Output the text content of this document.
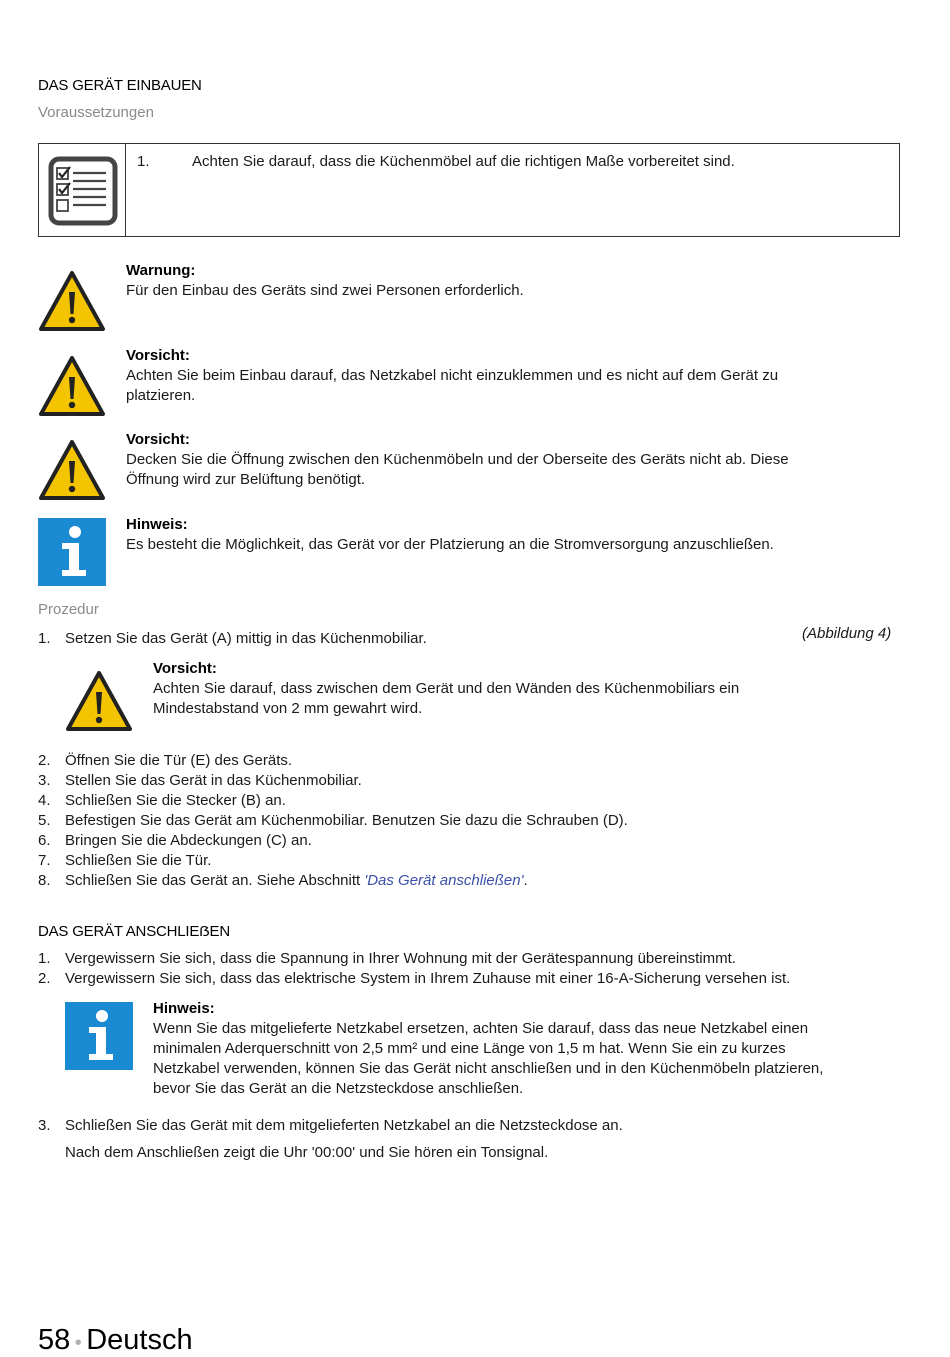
DAS GERÄT EINBAUEN
Voraussetzungen
1.	Achten Sie darauf, dass die Küchenmöbel auf die richtigen Maße vorbereitet sind.
Warnung:
Für den Einbau des Geräts sind zwei Personen erforderlich.
Vorsicht:
Achten Sie beim Einbau darauf, das Netzkabel nicht einzuklemmen und es nicht auf dem Gerät zu
platzieren.
Vorsicht:
Decken Sie die Öffnung zwischen den Küchenmöbeln und der Oberseite des Geräts nicht ab. Diese
Öffnung wird zur Belüftung benötigt.
Hinweis:
Es besteht die Möglichkeit, das Gerät vor der Platzierung an die Stromversorgung anzuschließen.
Prozedur
(Abbildung 4)
1. Setzen Sie das Gerät (A) mittig in das Küchenmobiliar.
Vorsicht:
Achten Sie darauf, dass zwischen dem Gerät und den Wänden des Küchenmobiliars ein
Mindestabstand von 2 mm gewahrt wird.
2. Öffnen Sie die Tür (E) des Geräts.
3. Stellen Sie das Gerät in das Küchenmobiliar.
4. Schließen Sie die Stecker (B) an.
5. Befestigen Sie das Gerät am Küchenmobiliar. Benutzen Sie dazu die Schrauben (D).
6. Bringen Sie die Abdeckungen (C) an.
7. Schließen Sie die Tür.
8. Schließen Sie das Gerät an. Siehe Abschnitt 'Das Gerät anschließen'.
DAS GERÄT ANSCHLIEẞEN
1. Vergewissern Sie sich, dass die Spannung in Ihrer Wohnung mit der Gerätespannung übereinstimmt.
2. Vergewissern Sie sich, dass das elektrische System in Ihrem Zuhause mit einer 16-A-Sicherung versehen ist.
Hinweis:
Wenn Sie das mitgelieferte Netzkabel ersetzen, achten Sie darauf, dass das neue Netzkabel einen
minimalen Aderquerschnitt von 2,5 mm² und eine Länge von 1,5 m hat. Wenn Sie ein zu kurzes
Netzkabel verwenden, können Sie das Gerät nicht anschließen und in den Küchenmöbeln platzieren,
bevor Sie das Gerät an die Netzsteckdose anschließen.
3. Schließen Sie das Gerät mit dem mitgelieferten Netzkabel an die Netzsteckdose an.
Nach dem Anschließen zeigt die Uhr '00:00' und Sie hören ein Tonsignal.
58 • Deutsch
